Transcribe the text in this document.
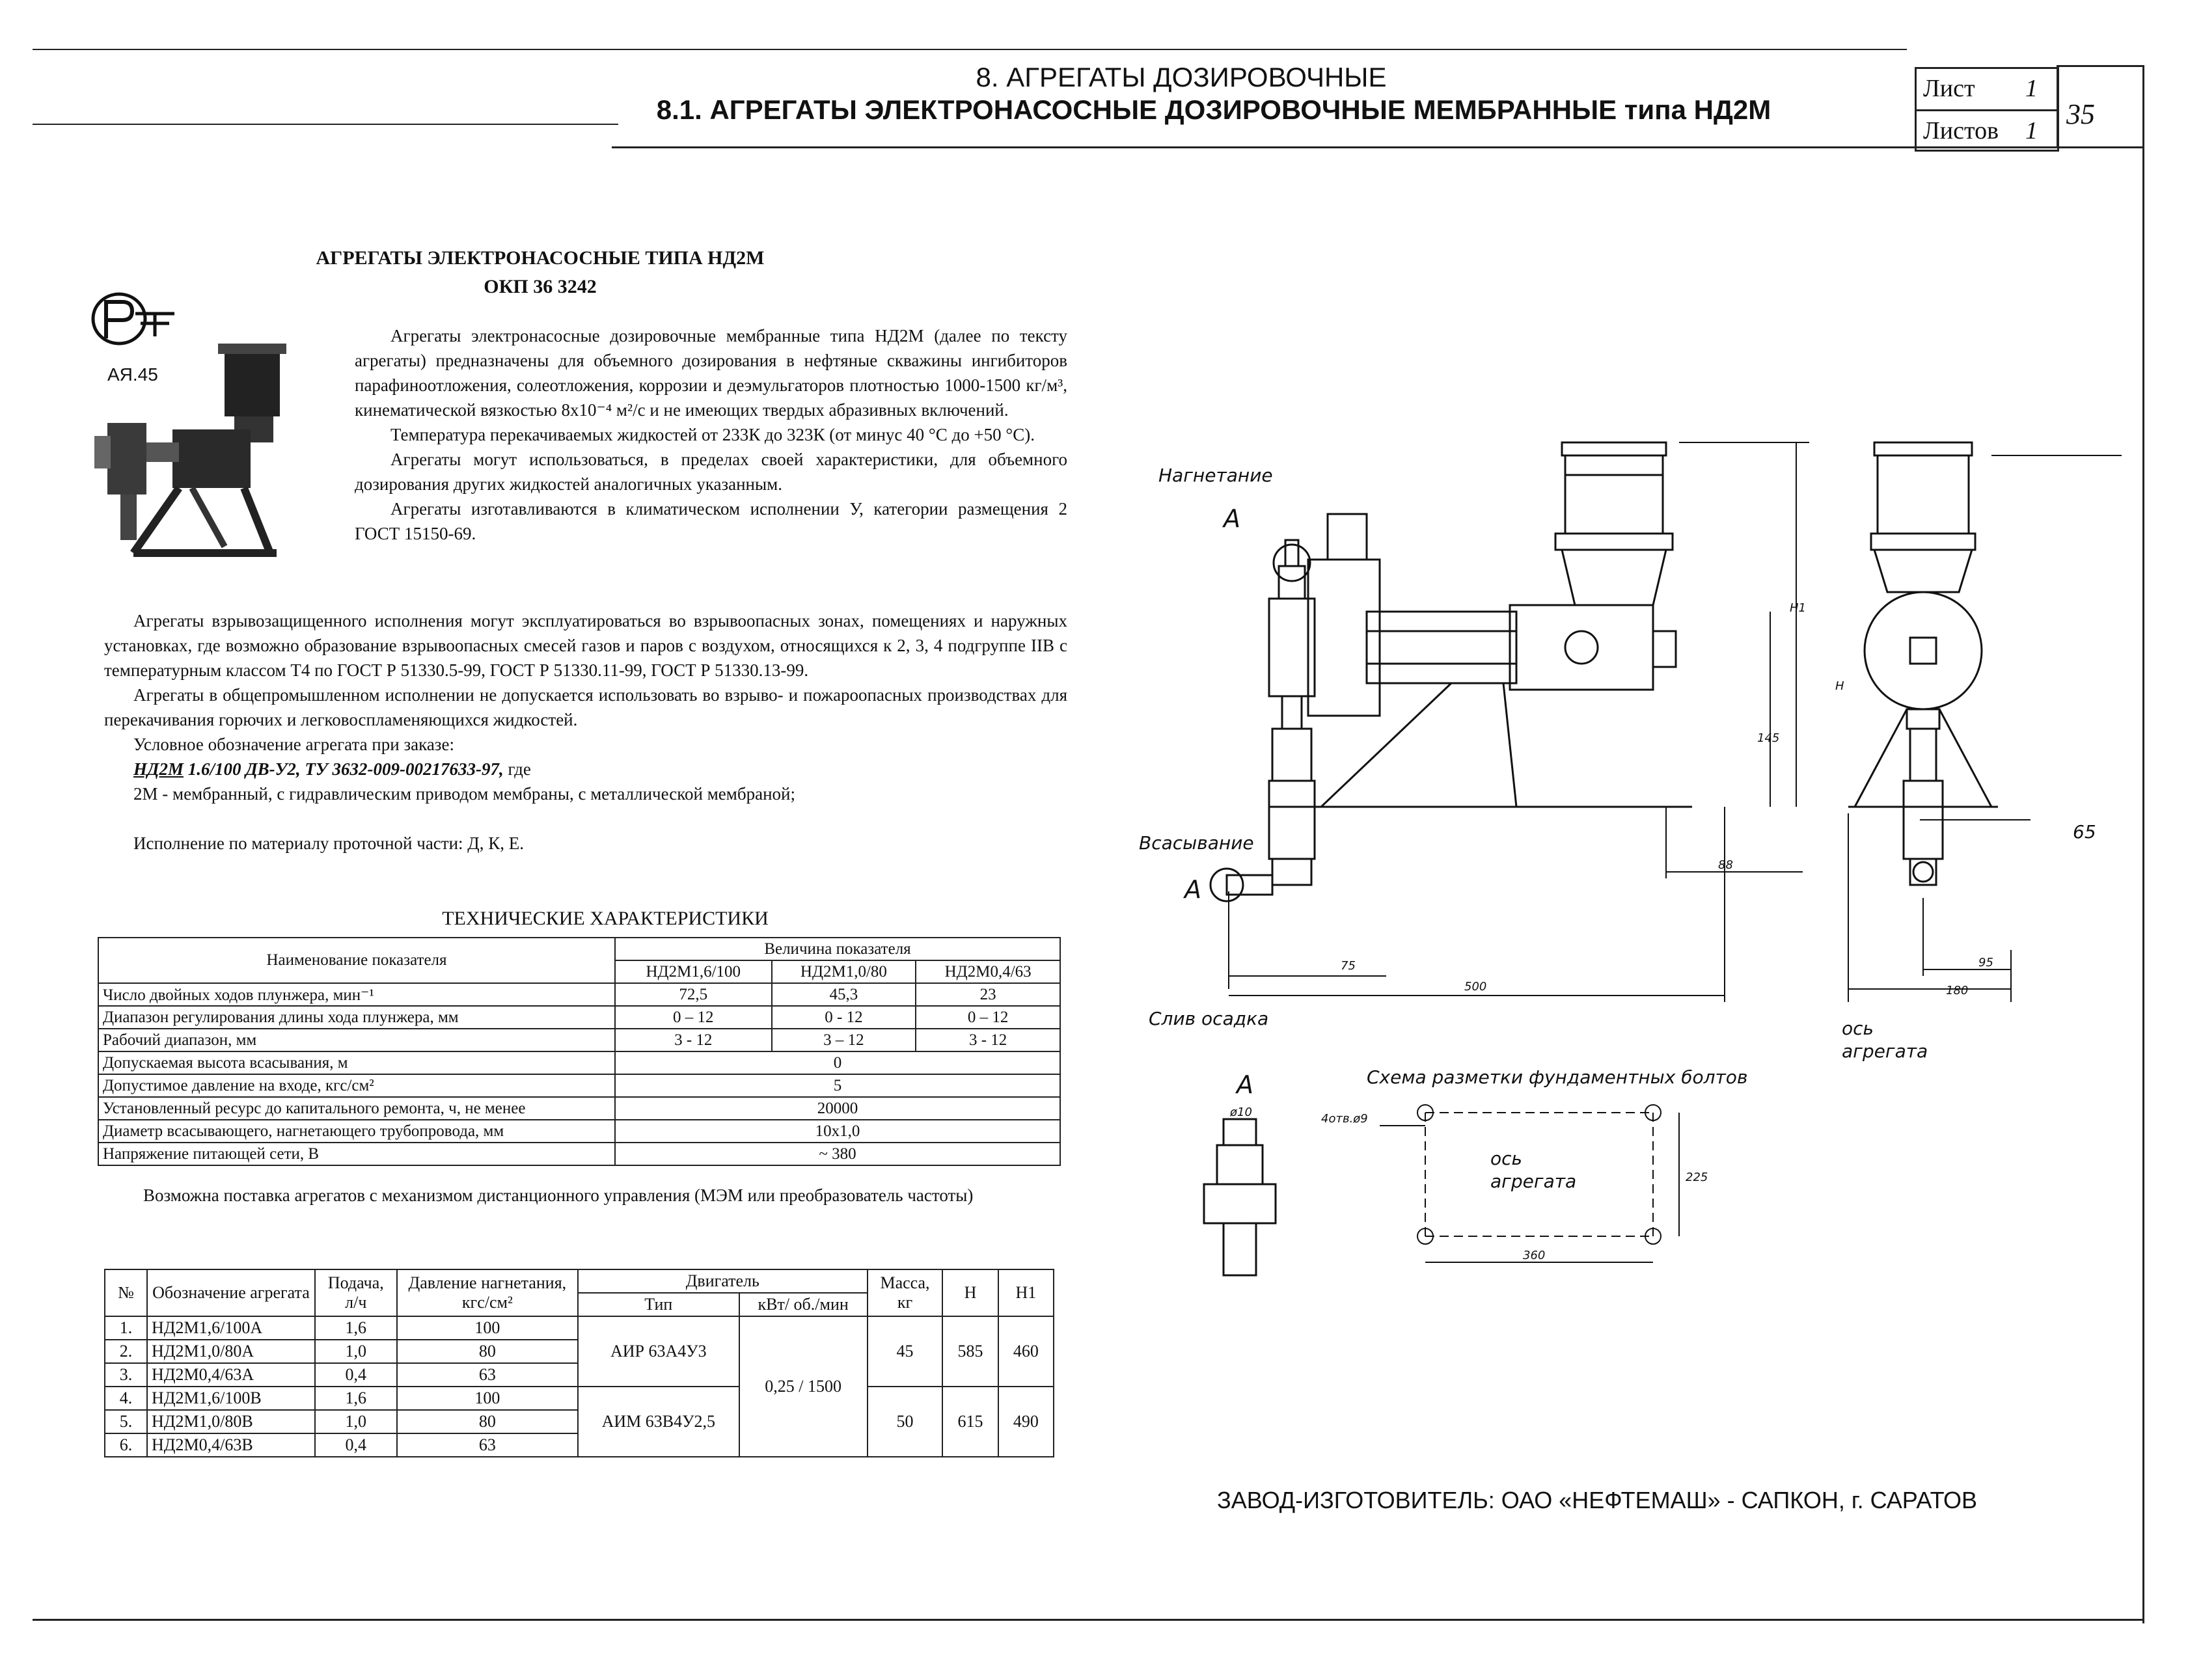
8. АГРЕГАТЫ ДОЗИРОВОЧНЫЕ
8.1. АГРЕГАТЫ ЭЛЕКТРОНАСОСНЫЕ ДОЗИРОВОЧНЫЕ МЕМБРАННЫЕ типа НД2М
Лист 1
Листов 1
35
АГРЕГАТЫ ЭЛЕКТРОНАСОСНЫЕ ТИПА НД2М
ОКП 36 3242
АЯ.45

Агрегаты электронасосные дозировочные мембранные типа НД2М (далее по тексту агрегаты) предназначены для объемного дозирования в нефтяные скважины ингибиторов парафиноотложения, солеотложения, коррозии и деэмульгаторов плотностью 1000-1500 кг/м³, кинематической вязкостью 8х10⁻⁴ м²/с и не имеющих твердых абразивных включений.

Температура перекачиваемых жидкостей от 233К до 323К (от минус 40 °С до +50 °С).

Агрегаты могут использоваться, в пределах своей характеристики, для объемного дозирования других жидкостей аналогичных указанным.

Агрегаты изготавливаются в климатическом исполнении У, категории размещения 2 ГОСТ 15150-69.

Агрегаты взрывозащищенного исполнения могут эксплуатироваться во взрывоопасных зонах, помещениях и наружных установках, где возможно образование взрывоопасных смесей газов и паров с воздухом, относящихся к 2, 3, 4 подгруппе IIВ с температурным классом Т4 по ГОСТ Р 51330.5-99, ГОСТ Р 51330.11-99, ГОСТ Р 51330.13-99.

Агрегаты в общепромышленном исполнении не допускается использовать во взрыво- и пожароопасных производствах для перекачивания горючих и легковоспламеняющихся жидкостей.

Условное обозначение агрегата при заказе:

НД2М 1.6/100 ДВ-У2, ТУ 3632-009-00217633-97, где

2М - мембранный, с гидравлическим приводом мембраны, с металлической мембраной;

Исполнение по материалу проточной части: Д, К, Е.

ТЕХНИЧЕСКИЕ ХАРАКТЕРИСТИКИ
Наименование показателя	Величина показателя		
	НД2М1,6/100	НД2М1,0/80	НД2М0,4/63
Число двойных ходов плунжера, мин⁻¹	72,5	45,3	23
Диапазон регулирования длины хода плунжера, мм	0 – 12	0 - 12	0 – 12
Рабочий диапазон, мм	3 - 12	3 – 12	3 - 12
Допускаемая высота всасывания, м	0		
Допустимое давление на входе, кгс/см²	5		
Установленный ресурс до капитального ремонта, ч, не менее	20000		
Диаметр всасывающего, нагнетающего трубопровода, мм	10х1,0		
Напряжение питающей сети, В	~ 380		

Возможна поставка агрегатов с механизмом дистанционного управления (МЭМ или преобразователь частоты)

№	Обозначение агрегата	Подача, л/ч	Давление нагнетания, кгс/см²	Двигатель		Масса, кг	Н	Н1
				Тип	кВт/ об./мин			
1.	НД2М1,6/100А	1,6	100	АИР 63А4У3	0,25 / 1500	45	585	460
2.	НД2М1,0/80А	1,0	80					
3.	НД2М0,4/63А	0,4	63					
4.	НД2М1,6/100В	1,6	100	АИМ 63В4У2,5		50	615	490
5.	НД2М1,0/80В	1,0	80					
6.	НД2М0,4/63В	0,4	63					
Нагнетание
А
Всасывание
А
Слив осадка
65
88
75
500
95
180
145
Н1
Н
ось
агрегата
А
ø10
Схема разметки фундаментных болтов
4отв.ø9
ось
агрегата	225
360
ЗАВОД-ИЗГОТОВИТЕЛЬ: ОАО «НЕФТЕМАШ» - САПКОН, г. САРАТОВ
